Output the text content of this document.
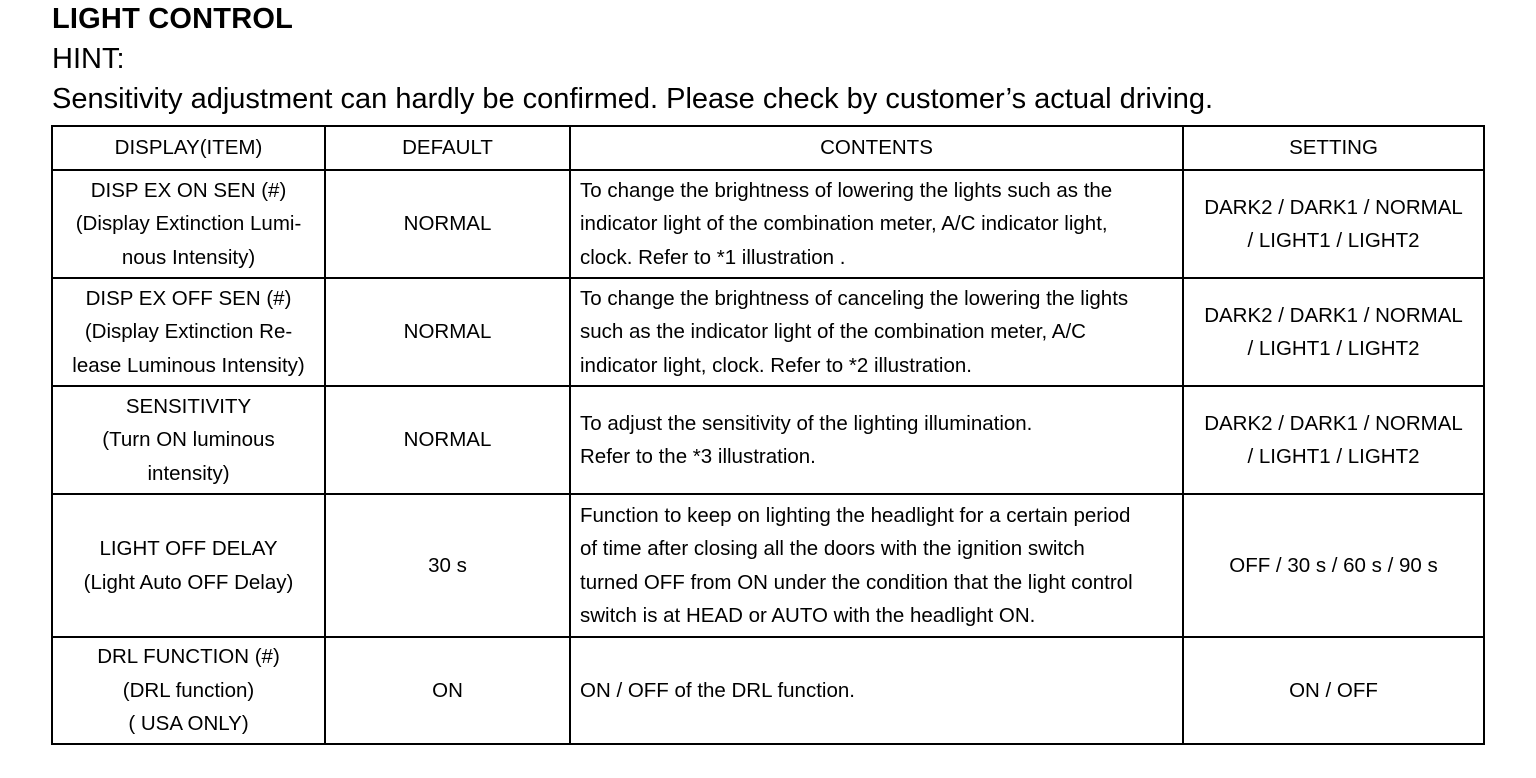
LIGHT CONTROL
HINT:
Sensitivity adjustment can hardly be confirmed. Please check by customer’s actual driving.
DISPLAY(ITEM)	DEFAULT	CONTENTS	SETTING

DISP EX ON SEN (#)
(Display Extinction Lumi-
nous Intensity)	NORMAL	To change the brightness of lowering the lights such as the
indicator light of the combination meter, A/C indicator light,
clock. Refer to *1 illustration .	DARK2 / DARK1 / NORMAL
/ LIGHT1 / LIGHT2

DISP EX OFF SEN (#)
(Display Extinction Re-
lease Luminous Intensity)	NORMAL	To change the brightness of canceling the lowering the lights
such as the indicator light of the combination meter, A/C
indicator light, clock. Refer to *2 illustration.	DARK2 / DARK1 / NORMAL
/ LIGHT1 / LIGHT2

SENSITIVITY
(Turn ON luminous
intensity)	NORMAL	To adjust the sensitivity of the lighting illumination.
Refer to the *3 illustration.	DARK2 / DARK1 / NORMAL
/ LIGHT1 / LIGHT2

LIGHT OFF DELAY
(Light Auto OFF Delay)	30 s	Function to keep on lighting the headlight for a certain period
of time after closing all the doors with the ignition switch
turned OFF from ON under the condition that the light control
switch is at HEAD or AUTO with the headlight ON.	OFF / 30 s / 60 s / 90 s

DRL FUNCTION (#)
(DRL function)
( USA ONLY)	ON	ON / OFF of the DRL function.	ON / OFF
